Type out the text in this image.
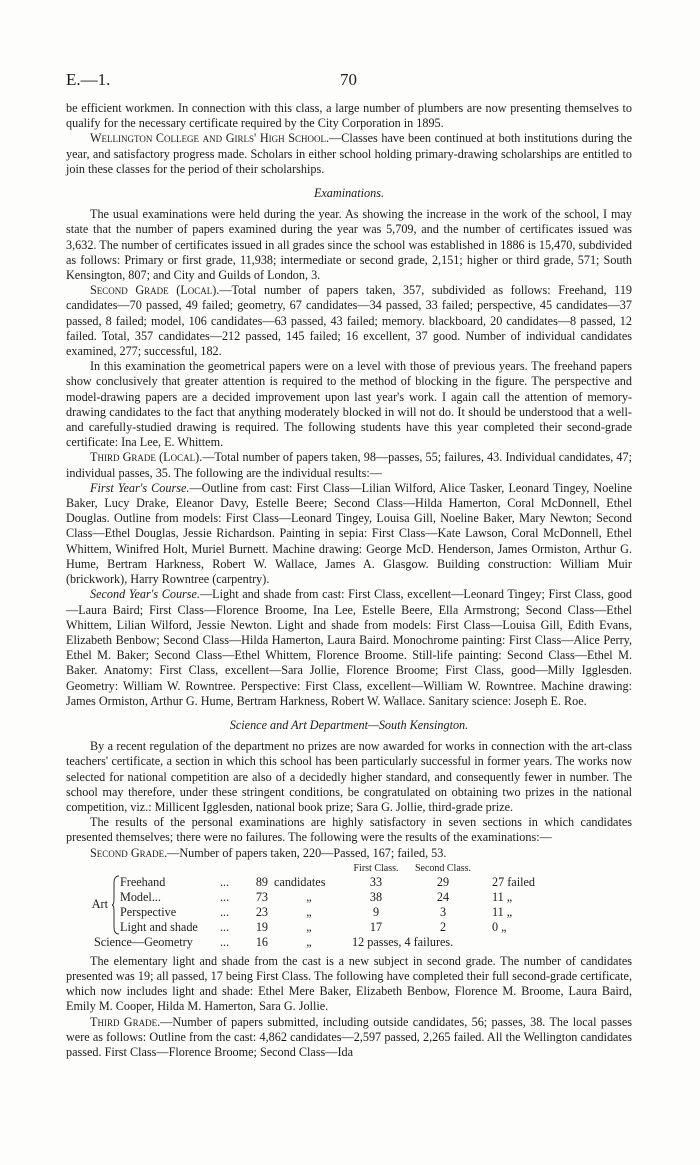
E.—1.	70

be efficient workmen. In connection with this class, a large number of plumbers are now presenting themselves to qualify for the necessary certificate required by the City Corporation in 1895.

Wellington College and Girls' High School.—Classes have been continued at both institutions during the year, and satisfactory progress made. Scholars in either school holding primary-drawing scholarships are entitled to join these classes for the period of their scholarships.

Examinations.

The usual examinations were held during the year. As showing the increase in the work of the school, I may state that the number of papers examined during the year was 5,709, and the number of certificates issued was 3,632. The number of certificates issued in all grades since the school was established in 1886 is 15,470, subdivided as follows: Primary or first grade, 11,938; intermediate or second grade, 2,151; higher or third grade, 571; South Kensington, 807; and City and Guilds of London, 3.

Second Grade (Local).—Total number of papers taken, 357, subdivided as follows: Freehand, 119 candidates—70 passed, 49 failed; geometry, 67 candidates—34 passed, 33 failed; perspective, 45 candidates—37 passed, 8 failed; model, 106 candidates—63 passed, 43 failed; memory. blackboard, 20 candidates—8 passed, 12 failed. Total, 357 candidates—212 passed, 145 failed; 16 excellent, 37 good. Number of individual candidates examined, 277; successful, 182.

In this examination the geometrical papers were on a level with those of previous years. The freehand papers show conclusively that greater attention is required to the method of blocking in the figure. The perspective and model-drawing papers are a decided improvement upon last year's work. I again call the attention of memory-drawing candidates to the fact that anything moderately blocked in will not do. It should be understood that a well- and carefully-studied drawing is required. The following students have this year completed their second-grade certificate: Ina Lee, E. Whittem.

Third Grade (Local).—Total number of papers taken, 98—passes, 55; failures, 43. Individual candidates, 47; individual passes, 35. The following are the individual results:—

First Year's Course.—Outline from cast: First Class—Lilian Wilford, Alice Tasker, Leonard Tingey, Noeline Baker, Lucy Drake, Eleanor Davy, Estelle Beere; Second Class—Hilda Hamerton, Coral McDonnell, Ethel Douglas. Outline from models: First Class—Leonard Tingey, Louisa Gill, Noeline Baker, Mary Newton; Second Class—Ethel Douglas, Jessie Richardson. Painting in sepia: First Class—Kate Lawson, Coral McDonnell, Ethel Whittem, Winifred Holt, Muriel Burnett. Machine drawing: George McD. Henderson, James Ormiston, Arthur G. Hume, Bertram Harkness, Robert W. Wallace, James A. Glasgow. Building construction: William Muir (brickwork), Harry Rowntree (carpentry).

Second Year's Course.—Light and shade from cast: First Class, excellent—Leonard Tingey; First Class, good—Laura Baird; First Class—Florence Broome, Ina Lee, Estelle Beere, Ella Armstrong; Second Class—Ethel Whittem, Lilian Wilford, Jessie Newton. Light and shade from models: First Class—Louisa Gill, Edith Evans, Elizabeth Benbow; Second Class—Hilda Hamerton, Laura Baird. Monochrome painting: First Class—Alice Perry, Ethel M. Baker; Second Class—Ethel Whittem, Florence Broome. Still-life painting: Second Class—Ethel M. Baker. Anatomy: First Class, excellent—Sara Jollie, Florence Broome; First Class, good—Milly Igglesden. Geometry: William W. Rowntree. Perspective: First Class, excellent—William W. Rowntree. Machine drawing: James Ormiston, Arthur G. Hume, Bertram Harkness, Robert W. Wallace. Sanitary science: Joseph E. Roe.

Science and Art Department—South Kensington.

By a recent regulation of the department no prizes are now awarded for works in connection with the art-class teachers' certificate, a section in which this school has been particularly successful in former years. The works now selected for national competition are also of a decidedly higher standard, and consequently fewer in number. The school may therefore, under these stringent conditions, be congratulated on obtaining two prizes in the national competition, viz.: Millicent Igglesden, national book prize; Sara G. Jollie, third-grade prize.

The results of the personal examinations are highly satisfactory in seven sections in which candidates presented themselves; there were no failures. The following were the results of the examinations:—

Second Grade.—Number of papers taken, 220—Passed, 167; failed, 53.

						First Class.	Second Class.	
Art		Freehand	...	89	candidates	33	29	27 failed
		Model...	...	73	„	38	24	11 „
		Perspective	...	23	„	9	3	11 „
		Light and shade	...	19	„	17	2	0 „
Science—Geometry			...	16	„	12 passes, 4 failures.		

The elementary light and shade from the cast is a new subject in second grade. The number of candidates presented was 19; all passed, 17 being First Class. The following have completed their full second-grade certificate, which now includes light and shade: Ethel Mere Baker, Elizabeth Benbow, Florence M. Broome, Laura Baird, Emily M. Cooper, Hilda M. Hamerton, Sara G. Jollie.

Third Grade.—Number of papers submitted, including outside candidates, 56; passes, 38. The local passes were as follows: Outline from the cast: 4,862 candidates—2,597 passed, 2,265 failed. All the Wellington candidates passed. First Class—Florence Broome; Second Class—Ida
